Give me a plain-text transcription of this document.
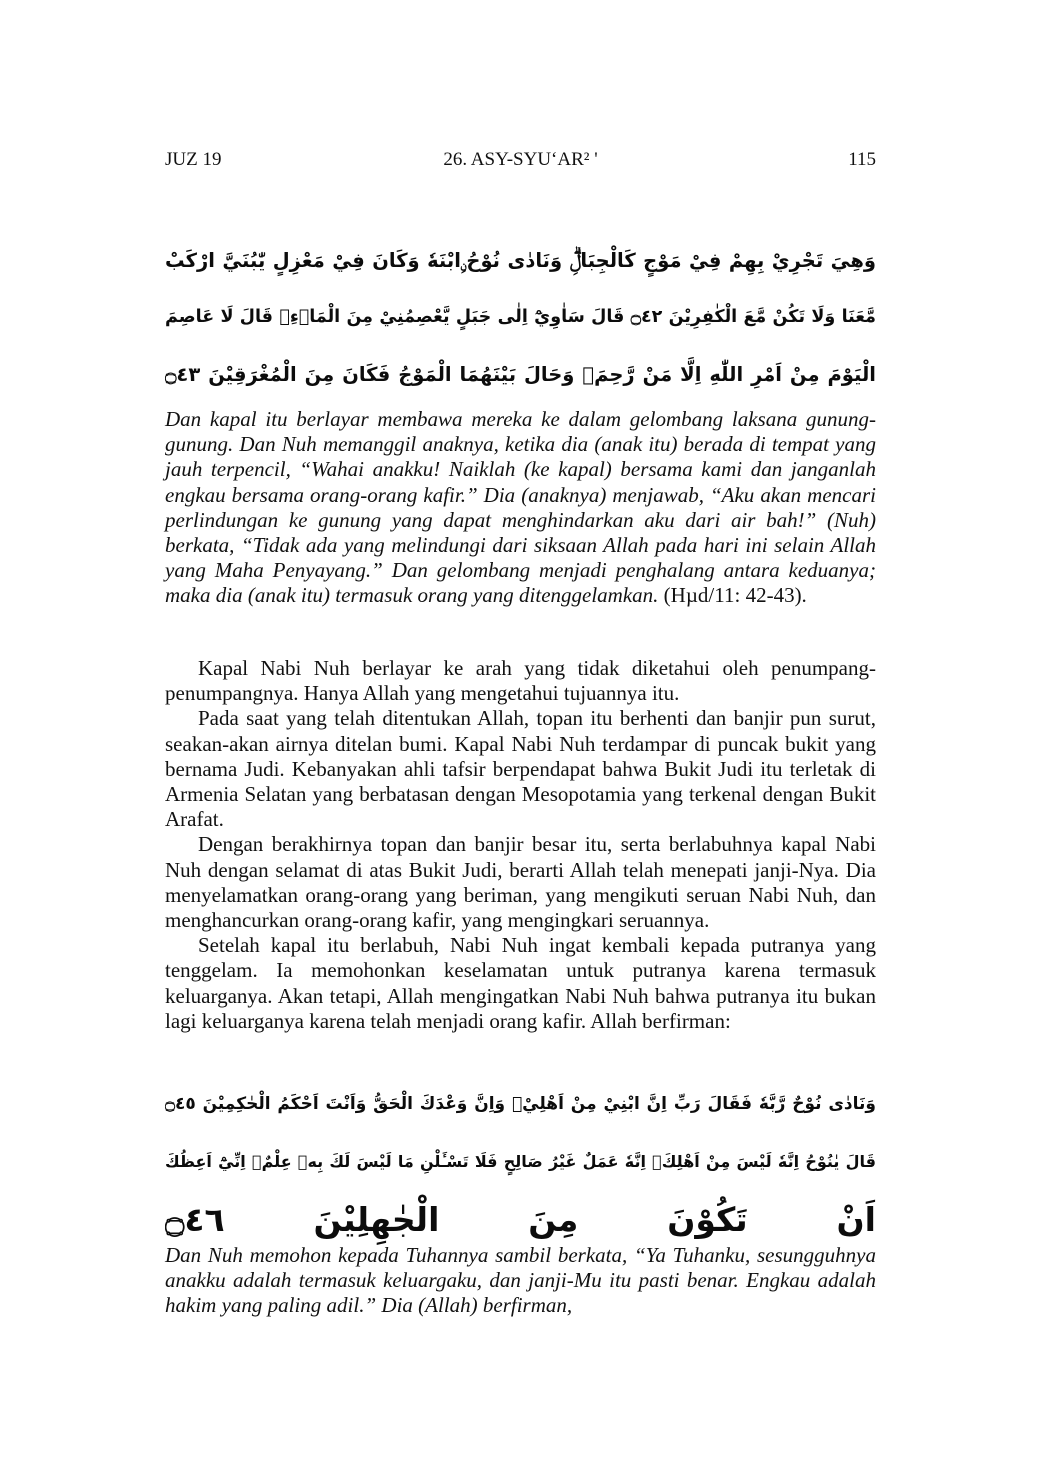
JUZ 19	26. ASY-SYU‘AR² '	115
وَهِيَ تَجْرِيْ بِهِمْ فِيْ مَوْجٍ كَالْجِبَالِۗ وَنَادٰى نُوْحُ ࣙابْنَهٗ وَكَانَ فِيْ مَعْزِلٍ يّٰبُنَيَّ ارْكَبْ
مَّعَنَا وَلَا تَكُنْ مَّعَ الْكٰفِرِيْنَ ۝٤٢ قَالَ سَاٰوِيْٓ اِلٰى جَبَلٍ يَّعْصِمُنِيْ مِنَ الْمَاۤءِۗ قَالَ لَا عَاصِمَ
الْيَوْمَ مِنْ اَمْرِ اللّٰهِ اِلَّا مَنْ رَّحِمَۚ وَحَالَ بَيْنَهُمَا الْمَوْجُ فَكَانَ مِنَ الْمُغْرَقِيْنَ ۝٤٣
Dan kapal itu berlayar membawa mereka ke dalam gelombang laksana gunung-gunung. Dan Nuh memanggil anaknya, ketika dia (anak itu) berada di tempat yang jauh terpencil, “Wahai anakku! Naiklah (ke kapal) bersama kami dan janganlah engkau bersama orang-orang kafir.” Dia (anaknya) menjawab, “Aku akan mencari perlindungan ke gunung yang dapat menghindarkan aku dari air bah!” (Nuh) berkata, “Tidak ada yang melindungi dari siksaan Allah pada hari ini selain Allah yang Maha Penyayang.” Dan gelombang menjadi penghalang antara keduanya; maka dia (anak itu) termasuk orang yang ditenggelamkan. (Hµd/11: 42-43).

Kapal Nabi Nuh berlayar ke arah yang tidak diketahui oleh penumpang-penumpangnya. Hanya Allah yang mengetahui tujuannya itu.

Pada saat yang telah ditentukan Allah, topan itu berhenti dan banjir pun surut, seakan-akan airnya ditelan bumi. Kapal Nabi Nuh terdampar di puncak bukit yang bernama Judi. Kebanyakan ahli tafsir berpendapat bahwa Bukit Judi itu terletak di Armenia Selatan yang berbatasan dengan Mesopotamia yang terkenal dengan Bukit Arafat.

Dengan berakhirnya topan dan banjir besar itu, serta berlabuhnya kapal Nabi Nuh dengan selamat di atas Bukit Judi, berarti Allah telah menepati janji-Nya. Dia menyelamatkan orang-orang yang beriman, yang mengikuti seruan Nabi Nuh, dan menghancurkan orang-orang kafir, yang mengingkari seruannya.

Setelah kapal itu berlabuh, Nabi Nuh ingat kembali kepada putranya yang tenggelam. Ia memohonkan keselamatan untuk putranya karena termasuk keluarganya. Akan tetapi, Allah mengingatkan Nabi Nuh bahwa putranya itu bukan lagi keluarganya karena telah menjadi orang kafir. Allah berfirman:

وَنَادٰى نُوْحٌ رَّبَّهٗ فَقَالَ رَبِّ اِنَّ ابْنِيْ مِنْ اَهْلِيْۚ وَاِنَّ وَعْدَكَ الْحَقُّ وَاَنْتَ اَحْكَمُ الْحٰكِمِيْنَ ۝٤٥
قَالَ يٰنُوْحُ اِنَّهٗ لَيْسَ مِنْ اَهْلِكَۚ اِنَّهٗ عَمَلٌ غَيْرُ صَالِحٍ فَلَا تَسْـَٔلْنِ مَا لَيْسَ لَكَ بِهٖ عِلْمٌۗ اِنِّيْٓ اَعِظُكَ
اَنْ تَكُوْنَ مِنَ الْجٰهِلِيْنَ ۝٤٦
Dan Nuh memohon kepada Tuhannya sambil berkata, “Ya Tuhanku, sesungguhnya anakku adalah termasuk keluargaku, dan janji-Mu itu pasti benar. Engkau adalah hakim yang paling adil.” Dia (Allah) berfirman,
